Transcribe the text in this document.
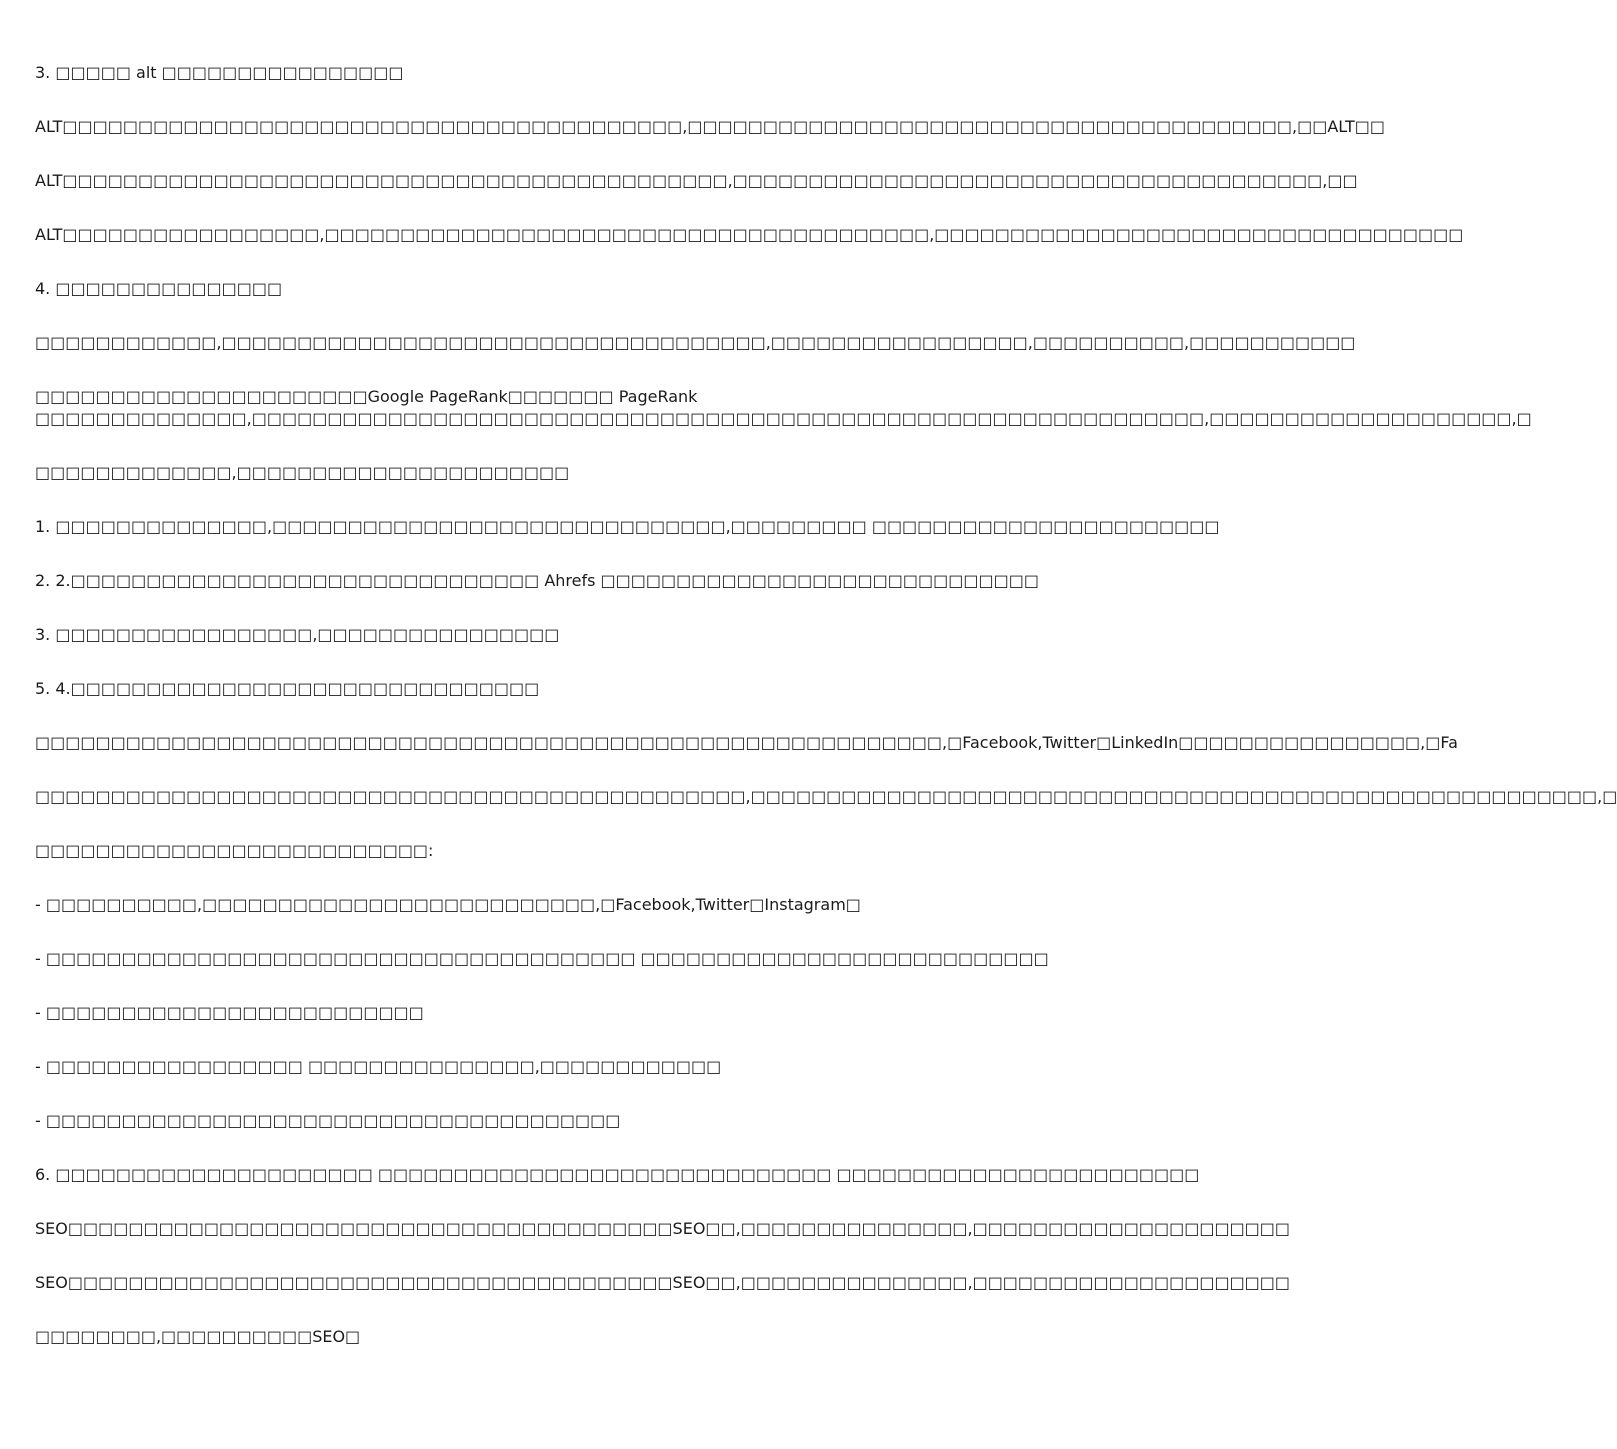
3. □□□□□ alt □□□□□□□□□□□□□□□□

ALT□□□□□□□□□□□□□□□□□□□□□□□□□□□□□□□□□□□□□□□□□,□□□□□□□□□□□□□□□□□□□□□□□□□□□□□□□□□□□□□□□□,□□ALT□□

ALT□□□□□□□□□□□□□□□□□□□□□□□□□□□□□□□□□□□□□□□□□□□□,□□□□□□□□□□□□□□□□□□□□□□□□□□□□□□□□□□□□□□□,□□

ALT□□□□□□□□□□□□□□□□□,□□□□□□□□□□□□□□□□□□□□□□□□□□□□□□□□□□□□□□□□,□□□□□□□□□□□□□□□□□□□□□□□□□□□□□□□□□□□

4. □□□□□□□□□□□□□□□

□□□□□□□□□□□□,□□□□□□□□□□□□□□□□□□□□□□□□□□□□□□□□□□□□,□□□□□□□□□□□□□□□□□,□□□□□□□□□□,□□□□□□□□□□□

□□□□□□□□□□□□□□□□□□□□□□Google PageRank□□□□□□□ PageRank
□□□□□□□□□□□□□□,□□□□□□□□□□□□□□□□□□□□□□□□□□□□□□□□□□□□□□□□□□□□□□□□□□□□□□□□□□□□□□□,□□□□□□□□□□□□□□□□□□□□,□

□□□□□□□□□□□□□,□□□□□□□□□□□□□□□□□□□□□□

1. □□□□□□□□□□□□□□,□□□□□□□□□□□□□□□□□□□□□□□□□□□□□□,□□□□□□□□□ □□□□□□□□□□□□□□□□□□□□□□□

2. 2.□□□□□□□□□□□□□□□□□□□□□□□□□□□□□□□ Ahrefs □□□□□□□□□□□□□□□□□□□□□□□□□□□□□

3. □□□□□□□□□□□□□□□□□,□□□□□□□□□□□□□□□□

5. 4.□□□□□□□□□□□□□□□□□□□□□□□□□□□□□□□

□□□□□□□□□□□□□□□□□□□□□□□□□□□□□□□□□□□□□□□□□□□□□□□□□□□□□□□□□□□□,□Facebook,Twitter□LinkedIn□□□□□□□□□□□□□□□□,□Fa

□□□□□□□□□□□□□□□□□□□□□□□□□□□□□□□□□□□□□□□□□□□□□□□,□□□□□□□□□□□□□□□□□□□□□□□□□□□□□□□□□□□□□□□□□□□□□□□□□□□□□□□□,□

□□□□□□□□□□□□□□□□□□□□□□□□□□:

- □□□□□□□□□□,□□□□□□□□□□□□□□□□□□□□□□□□□□,□Facebook,Twitter□Instagram□

- □□□□□□□□□□□□□□□□□□□□□□□□□□□□□□□□□□□□□□□ □□□□□□□□□□□□□□□□□□□□□□□□□□□

- □□□□□□□□□□□□□□□□□□□□□□□□□

- □□□□□□□□□□□□□□□□□ □□□□□□□□□□□□□□□,□□□□□□□□□□□□

- □□□□□□□□□□□□□□□□□□□□□□□□□□□□□□□□□□□□□□

6. □□□□□□□□□□□□□□□□□□□□□ □□□□□□□□□□□□□□□□□□□□□□□□□□□□□□ □□□□□□□□□□□□□□□□□□□□□□□□

SEO□□□□□□□□□□□□□□□□□□□□□□□□□□□□□□□□□□□□□□□□SEO□□,□□□□□□□□□□□□□□□,□□□□□□□□□□□□□□□□□□□□□

SEO□□□□□□□□□□□□□□□□□□□□□□□□□□□□□□□□□□□□□□□□SEO□□,□□□□□□□□□□□□□□□,□□□□□□□□□□□□□□□□□□□□□

□□□□□□□□,□□□□□□□□□□SEO□
